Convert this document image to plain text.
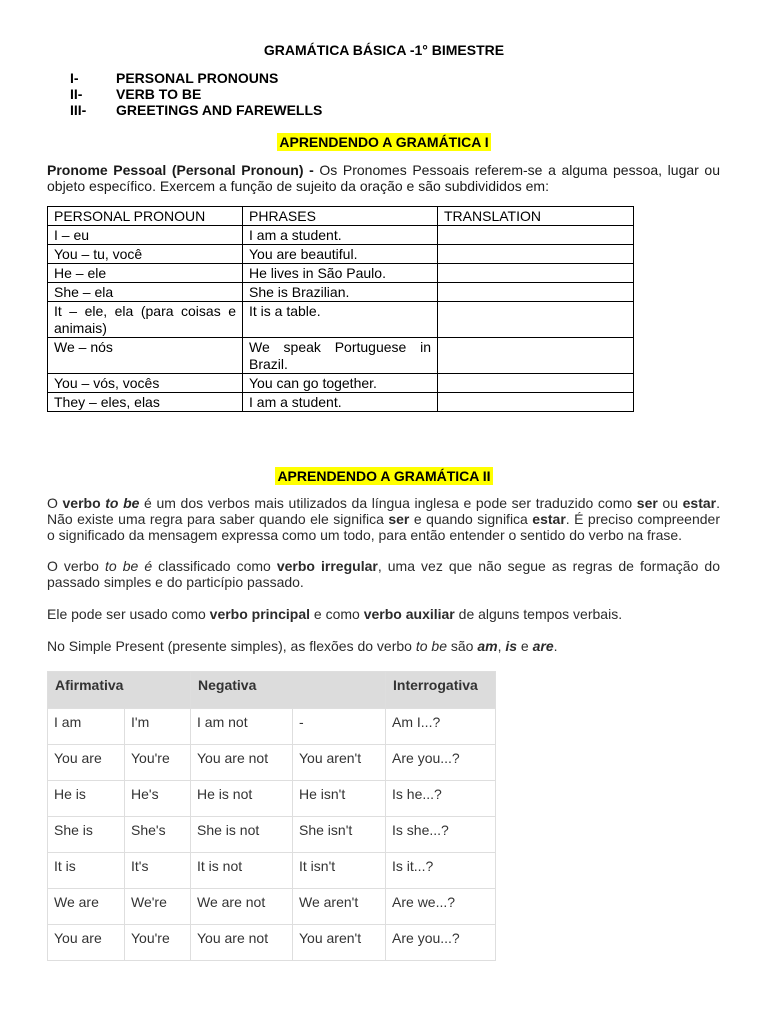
GRAMÁTICA BÁSICA -1° BIMESTRE
I-	PERSONAL PRONOUNS
II-	VERB TO BE
III-	GREETINGS AND FAREWELLS
APRENDENDO A GRAMÁTICA I

Pronome Pessoal (Personal Pronoun) - Os Pronomes Pessoais referem-se a alguma pessoa, lugar ou objeto específico. Exercem a função de sujeito da oração e são subdivididos em:

PERSONAL PRONOUN	PHRASES	TRANSLATION
I – eu	I am a student.	
You – tu, você	You are beautiful.	
He – ele	He lives in São Paulo.	
She – ela	She is Brazilian.	
It – ele, ela (para coisas e animais)	It is a table.	
We – nós	We speak Portuguese in Brazil.	
You – vós, vocês	You can go together.	
They – eles, elas	I am a student.	
APRENDENDO A GRAMÁTICA II

O verbo to be é um dos verbos mais utilizados da língua inglesa e pode ser traduzido como ser ou estar. Não existe uma regra para saber quando ele significa ser e quando significa estar. É preciso compreender o significado da mensagem expressa como um todo, para então entender o sentido do verbo na frase.

O verbo to be é classificado como verbo irregular, uma vez que não segue as regras de formação do passado simples e do particípio passado.

Ele pode ser usado como verbo principal e como verbo auxiliar de alguns tempos verbais.

No Simple Present (presente simples), as flexões do verbo to be são am, is e are.

Afirmativa		Negativa		Interrogativa
I am	I'm	I am not	-	Am I...?
You are	You're	You are not	You aren't	Are you...?
He is	He's	He is not	He isn't	Is he...?
She is	She's	She is not	She isn't	Is she...?
It is	It's	It is not	It isn't	Is it...?
We are	We're	We are not	We aren't	Are we...?
You are	You're	You are not	You aren't	Are you...?
